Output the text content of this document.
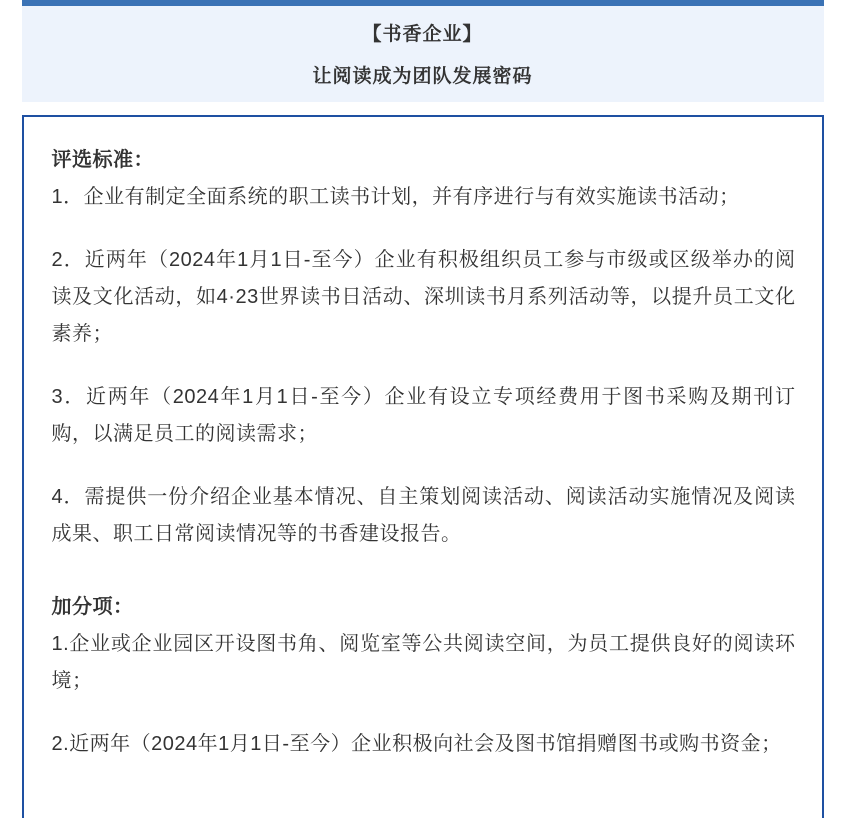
【书香企业】
让阅读成为团队发展密码
评选标准：

1．企业有制定全面系统的职工读书计划，并有序进行与有效实施读书活动；

2．近两年（2024年1月1日-至今）企业有积极组织员工参与市级或区级举办的阅读及文化活动，如4·23世界读书日活动、深圳读书月系列活动等，以提升员工文化素养；

3．近两年（2024年1月1日-至今）企业有设立专项经费用于图书采购及期刊订购，以满足员工的阅读需求；

4．需提供一份介绍企业基本情况、自主策划阅读活动、阅读活动实施情况及阅读成果、职工日常阅读情况等的书香建设报告。

加分项：

1.企业或企业园区开设图书角、阅览室等公共阅读空间，为员工提供良好的阅读环境；

2.近两年（2024年1月1日-至今）企业积极向社会及图书馆捐赠图书或购书资金；
